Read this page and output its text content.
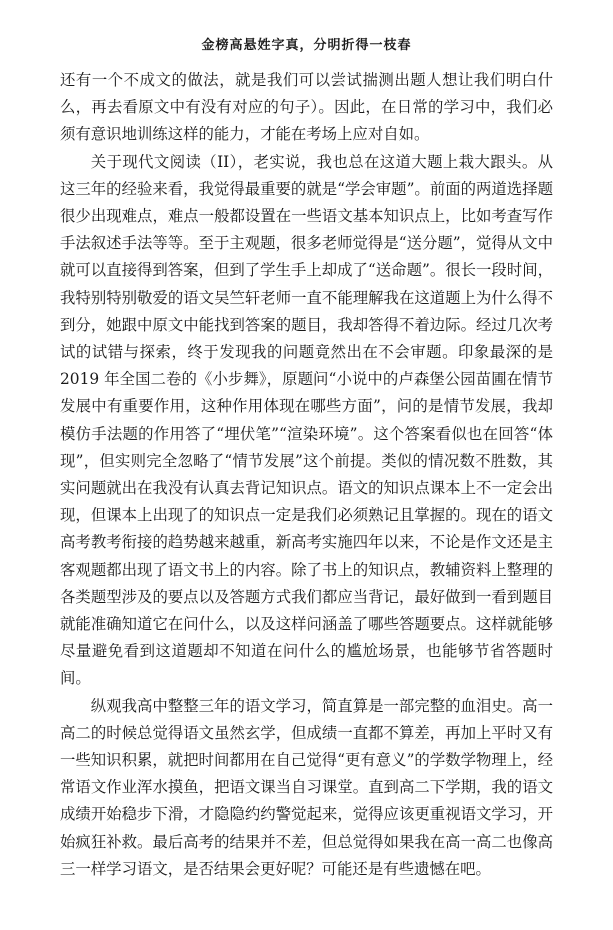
金榜高悬姓字真，分明折得一枝春

还有一个不成文的做法，就是我们可以尝试揣测出题人想让我们明白什么，再去看原文中有没有对应的句子）。因此，在日常的学习中，我们必须有意识地训练这样的能力，才能在考场上应对自如。

关于现代文阅读（II），老实说，我也总在这道大题上栽大跟头。从这三年的经验来看，我觉得最重要的就是“学会审题”。前面的两道选择题很少出现难点，难点一般都设置在一些语文基本知识点上，比如考查写作手法叙述手法等等。至于主观题，很多老师觉得是“送分题”，觉得从文中就可以直接得到答案，但到了学生手上却成了“送命题”。很长一段时间，我特别特别敬爱的语文吴竺轩老师一直不能理解我在这道题上为什么得不到分，她跟中原文中能找到答案的题目，我却答得不着边际。经过几次考试的试错与探索，终于发现我的问题竟然出在不会审题。印象最深的是 2019 年全国二卷的《小步舞》，原题问“小说中的卢森堡公园苗圃在情节发展中有重要作用，这种作用体现在哪些方面”，问的是情节发展，我却模仿手法题的作用答了“埋伏笔”“渲染环境”。这个答案看似也在回答“体现”，但实则完全忽略了“情节发展”这个前提。类似的情况数不胜数，其实问题就出在我没有认真去背记知识点。语文的知识点课本上不一定会出现，但课本上出现了的知识点一定是我们必须熟记且掌握的。现在的语文高考教考衔接的趋势越来越重，新高考实施四年以来，不论是作文还是主客观题都出现了语文书上的内容。除了书上的知识点，教辅资料上整理的各类题型涉及的要点以及答题方式我们都应当背记，最好做到一看到题目就能准确知道它在问什么，以及这样问涵盖了哪些答题要点。这样就能够尽量避免看到这道题却不知道在问什么的尴尬场景，也能够节省答题时间。

纵观我高中整整三年的语文学习，简直算是一部完整的血泪史。高一高二的时候总觉得语文虽然玄学，但成绩一直都不算差，再加上平时又有一些知识积累，就把时间都用在自己觉得“更有意义”的学数学物理上，经常语文作业浑水摸鱼，把语文课当自习课堂。直到高二下学期，我的语文成绩开始稳步下滑，才隐隐约约警觉起来，觉得应该更重视语文学习，开始疯狂补救。最后高考的结果并不差，但总觉得如果我在高一高二也像高三一样学习语文，是否结果会更好呢？可能还是有些遗憾在吧。
